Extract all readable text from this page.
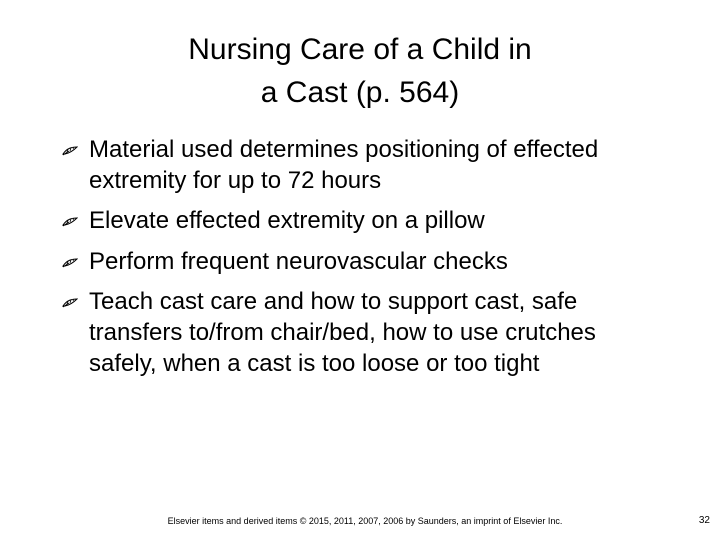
Nursing Care of a Child in
a Cast (p. 564)
Material used determines positioning of effected extremity for up to 72 hours
Elevate effected extremity on a pillow
Perform frequent neurovascular checks
Teach cast care and how to support cast, safe transfers to/from chair/bed, how to use crutches safely, when a cast is too loose or too tight
Elsevier items and derived items © 2015, 2011, 2007, 2006 by Saunders, an imprint of Elsevier Inc.	32
